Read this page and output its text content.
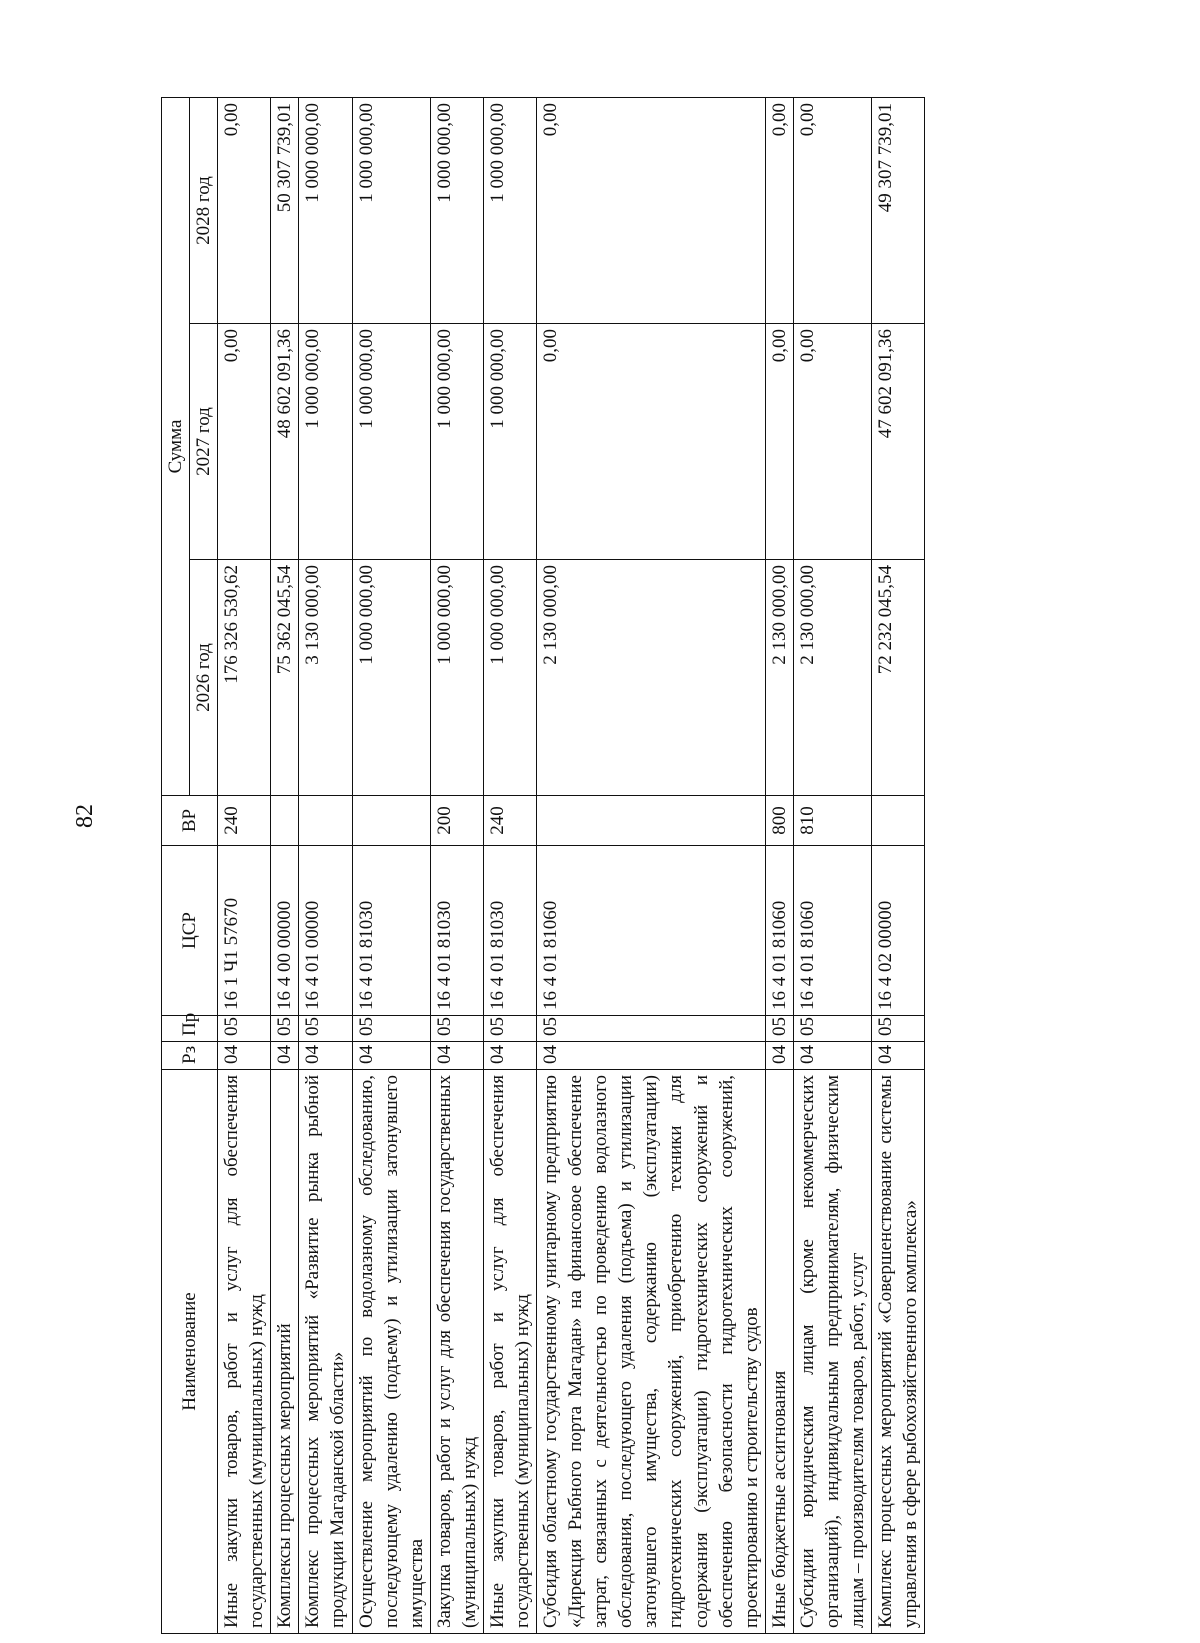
82
Наименование	Рз	Пр	ЦСР	ВР	Сумма		
					2026 год	2027 год	2028 год
Иные закупки товаров, работ и услуг для обеспечения государственных (муниципальных) нужд	04	05	16 1 Ч1 57670	240	176 326 530,62	0,00	0,00
Комплексы процессных мероприятий	04	05	16 4 00 00000		75 362 045,54	48 602 091,36	50 307 739,01
Комплекс процессных мероприятий «Развитие рынка рыбной продукции Магаданской области»	04	05	16 4 01 00000		3 130 000,00	1 000 000,00	1 000 000,00
Осуществление мероприятий по водолазному обследованию, последующему удалению (подъему) и утилизации затонувшего имущества	04	05	16 4 01 81030		1 000 000,00	1 000 000,00	1 000 000,00
Закупка товаров, работ и услуг для обеспечения государственных (муниципальных) нужд	04	05	16 4 01 81030	200	1 000 000,00	1 000 000,00	1 000 000,00
Иные закупки товаров, работ и услуг для обеспечения государственных (муниципальных) нужд	04	05	16 4 01 81030	240	1 000 000,00	1 000 000,00	1 000 000,00
Субсидия областному государственному унитарному предприятию «Дирекция Рыбного порта Магадан» на финансовое обеспечение затрат, связанных с деятельностью по проведению водолазного обследования, последующего удаления (подъема) и утилизации затонувшего имущества, содержанию (эксплуатации) гидротехнических сооружений, приобретению техники для содержания (эксплуатации) гидротехнических сооружений и обеспечению безопасности гидротехнических сооружений, проектированию и строительству судов	04	05	16 4 01 81060		2 130 000,00	0,00	0,00
Иные бюджетные ассигнования	04	05	16 4 01 81060	800	2 130 000,00	0,00	0,00
Субсидии юридическим лицам (кроме некоммерческих организаций), индивидуальным предпринимателям, физическим лицам – производителям товаров, работ, услуг	04	05	16 4 01 81060	810	2 130 000,00	0,00	0,00
Комплекс процессных мероприятий «Совершенствование системы управления в сфере рыбохозяйственного комплекса»	04	05	16 4 02 00000		72 232 045,54	47 602 091,36	49 307 739,01
